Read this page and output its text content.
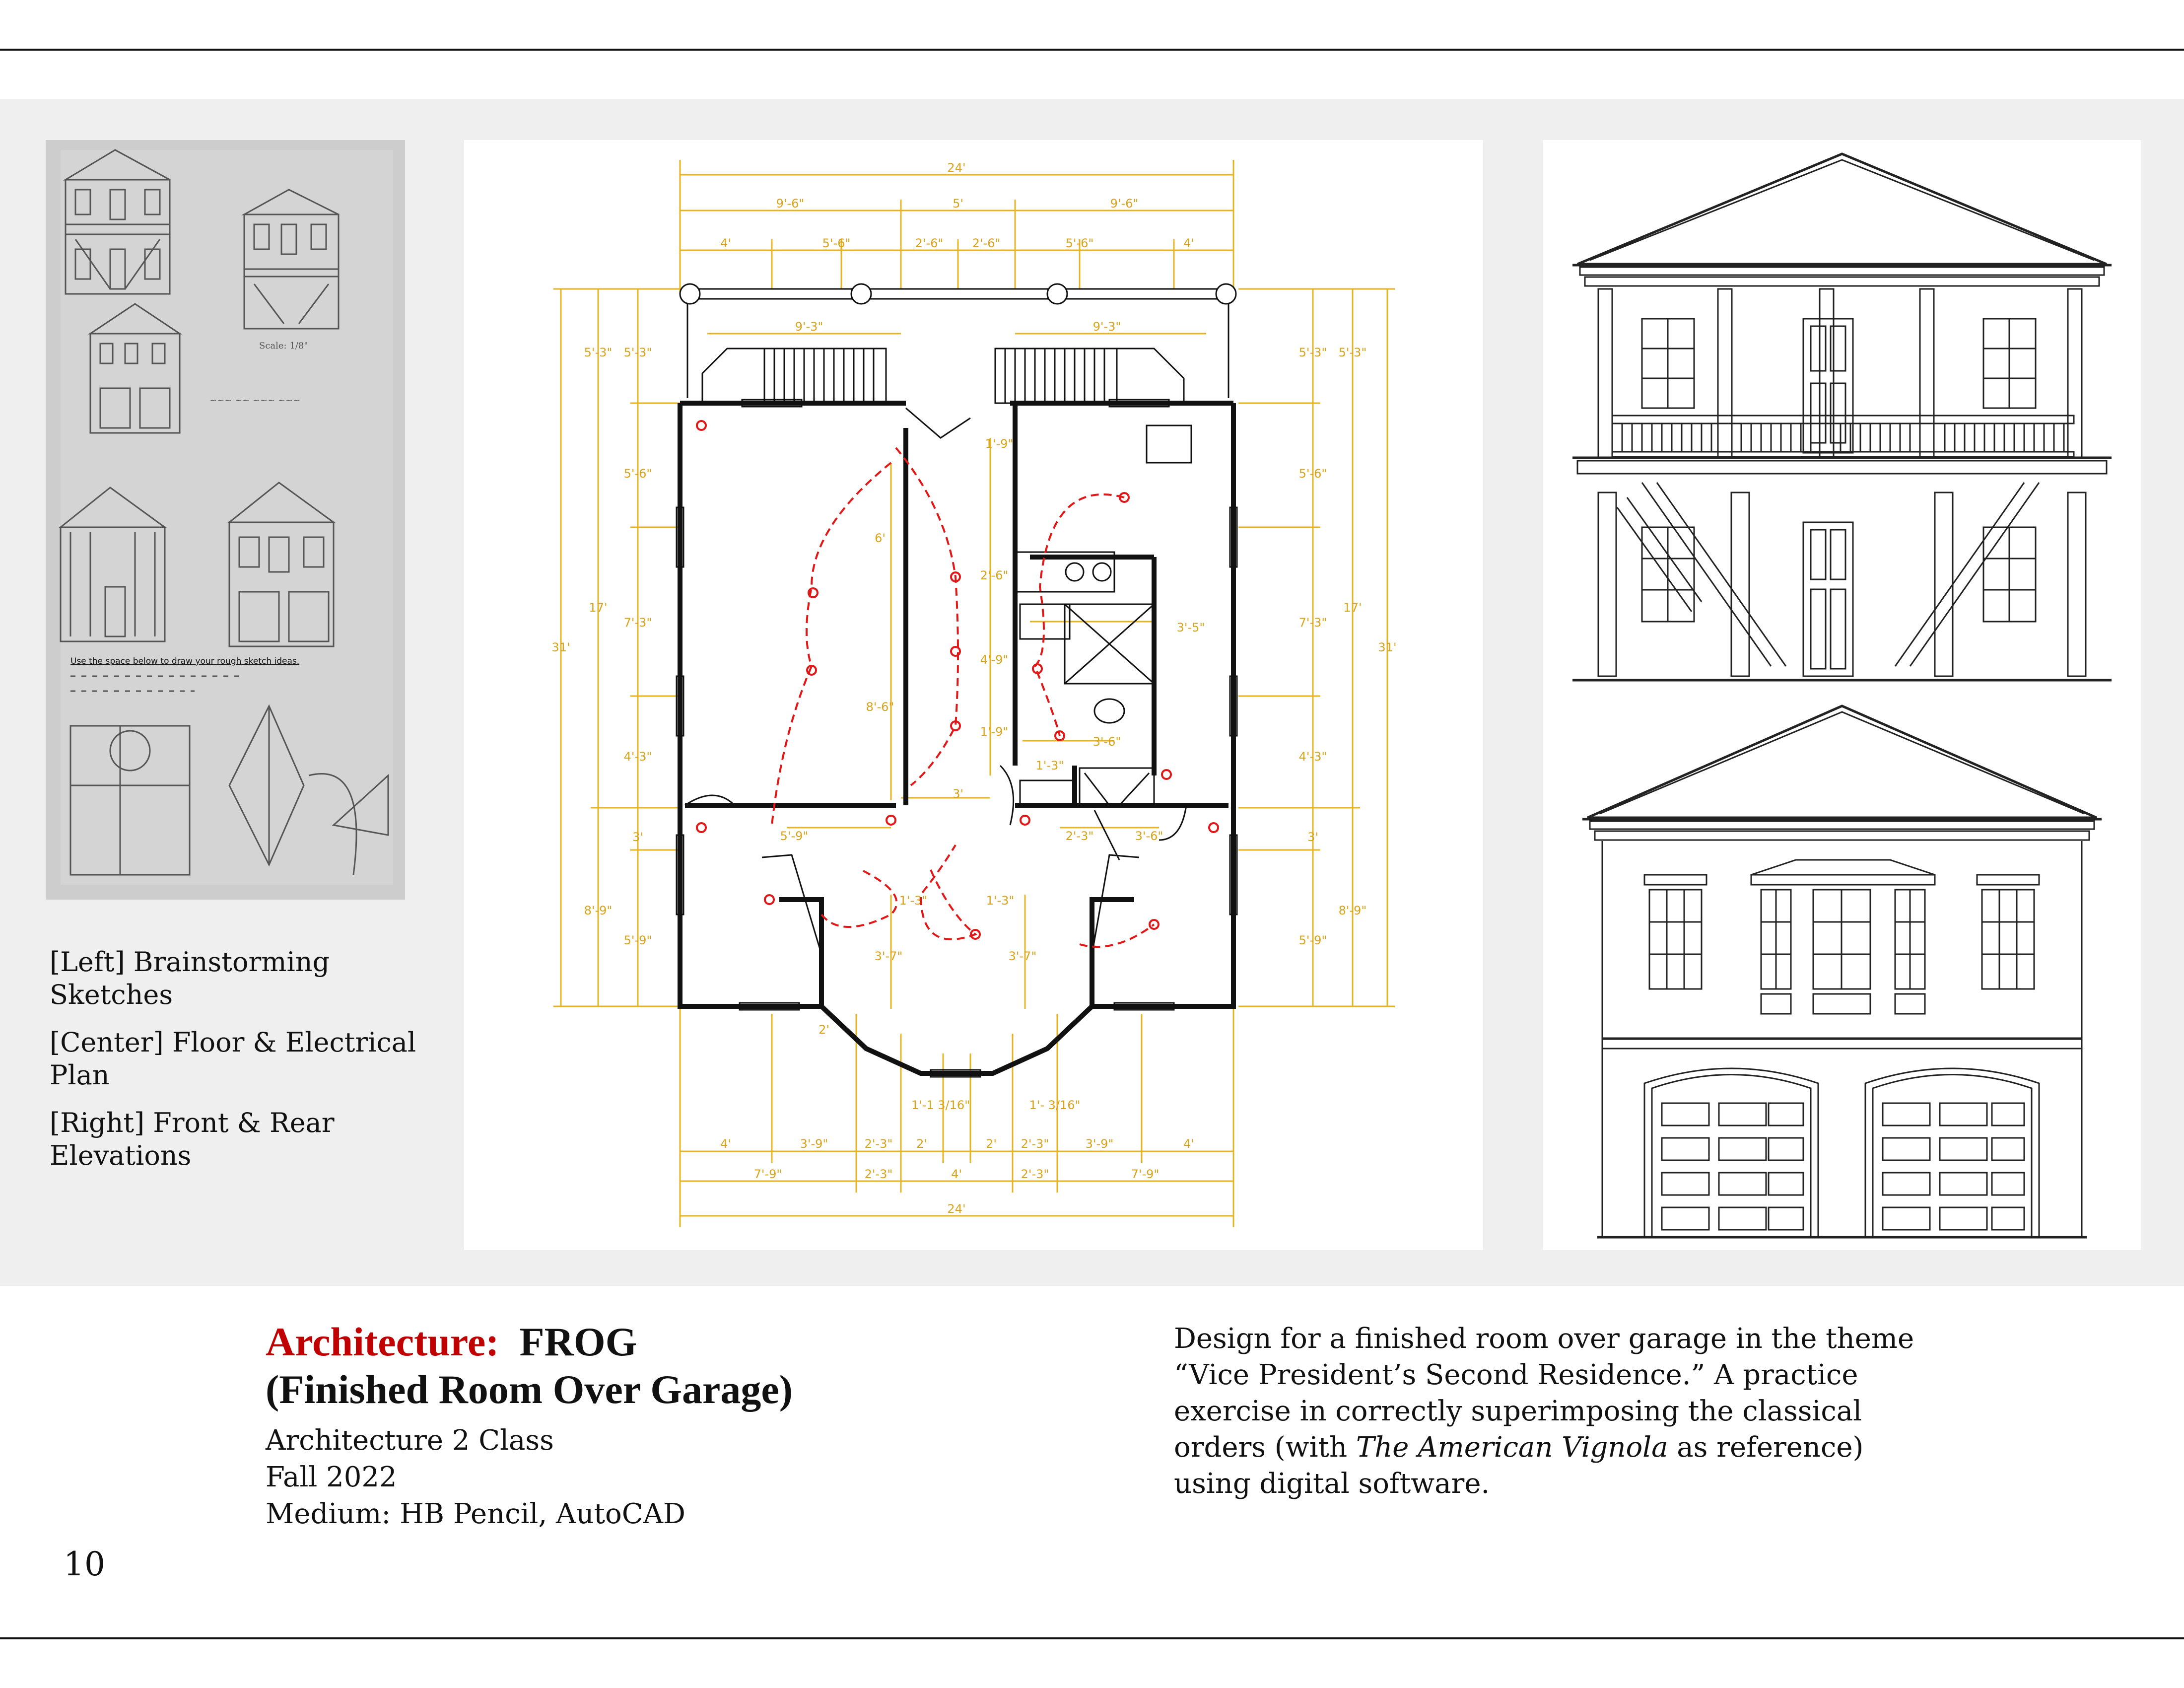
Scale: 1/8"
~~~ ~~ ~~~ ~~~
Use the space below to draw your rough sketch ideas.

[Left] Brainstorming Sketches

[Center] Floor & Electrical Plan

[Right] Front & Rear Elevations

24'
9'-6"	5'	9'-6"
4'	5'-6"	2'-6" 2'-6"	5'-6"	4'
9'-3"	9'-3"
31'
17'
8'-9"
5'-3" 5'-3"
5'-6"
7'-3"
4'-3"
3'
5'-9"
31'
17'
8'-9"
5'-3"
5'-3"
5'-6"
7'-3"
4'-3"
3'
5'-9"
6'
8'-6"
5'-9"
1'-9"
2'-6"
4'-9"
1'-9"
3'-5"
3'-6"
1'-3"
3'
2'-3"	3'-6"
1'-3"	1'-3"
3'-7"	3'-7"
2'
1'-1 3/16"	1'- 3/16"
4'	3'-9"	2'-3" 2'	2' 2'-3"	3'-9"	4'
7'-9"	2'-3"	4'	2'-3"	7'-9"
24'
Architecture: FROG
(Finished Room Over Garage)
Architecture 2 Class
Fall 2022
Medium: HB Pencil, AutoCAD
Design for a finished room over garage in the theme “Vice President’s Second Residence.” A practice exercise in correctly superimposing the classical orders (with The American Vignola as reference) using digital software.
10
